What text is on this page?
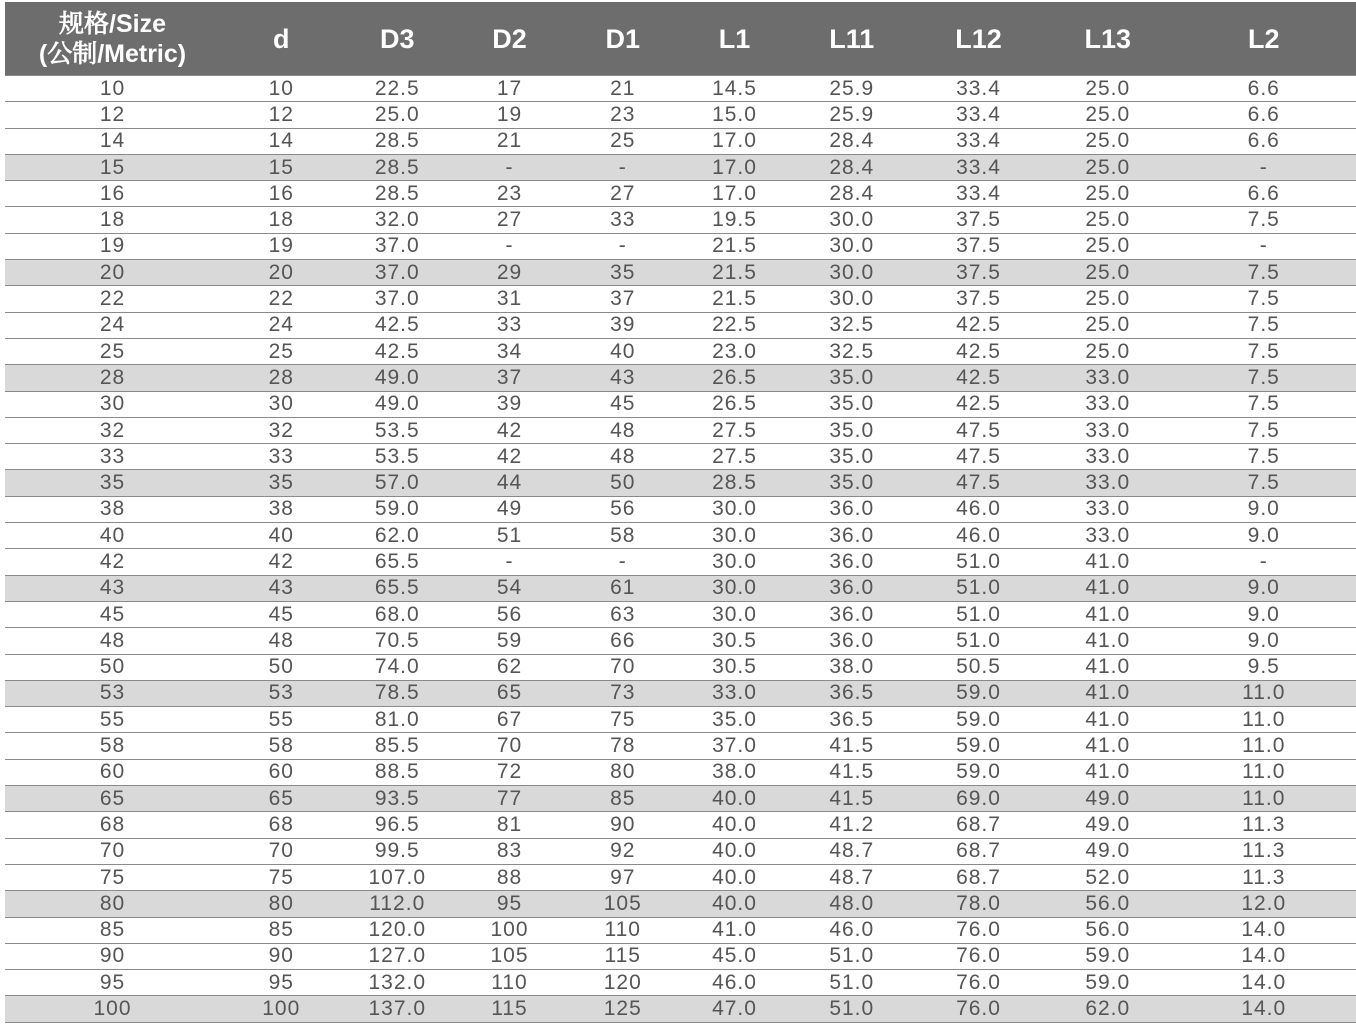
规格/Size
(公制/Metric)	d	D3	D2	D1	L1	L11	L12	L13	L2
10	10	22.5	17	21	14.5	25.9	33.4	25.0	6.6
12	12	25.0	19	23	15.0	25.9	33.4	25.0	6.6
14	14	28.5	21	25	17.0	28.4	33.4	25.0	6.6
15	15	28.5	-	-	17.0	28.4	33.4	25.0	-
16	16	28.5	23	27	17.0	28.4	33.4	25.0	6.6
18	18	32.0	27	33	19.5	30.0	37.5	25.0	7.5
19	19	37.0	-	-	21.5	30.0	37.5	25.0	-
20	20	37.0	29	35	21.5	30.0	37.5	25.0	7.5
22	22	37.0	31	37	21.5	30.0	37.5	25.0	7.5
24	24	42.5	33	39	22.5	32.5	42.5	25.0	7.5
25	25	42.5	34	40	23.0	32.5	42.5	25.0	7.5
28	28	49.0	37	43	26.5	35.0	42.5	33.0	7.5
30	30	49.0	39	45	26.5	35.0	42.5	33.0	7.5
32	32	53.5	42	48	27.5	35.0	47.5	33.0	7.5
33	33	53.5	42	48	27.5	35.0	47.5	33.0	7.5
35	35	57.0	44	50	28.5	35.0	47.5	33.0	7.5
38	38	59.0	49	56	30.0	36.0	46.0	33.0	9.0
40	40	62.0	51	58	30.0	36.0	46.0	33.0	9.0
42	42	65.5	-	-	30.0	36.0	51.0	41.0	-
43	43	65.5	54	61	30.0	36.0	51.0	41.0	9.0
45	45	68.0	56	63	30.0	36.0	51.0	41.0	9.0
48	48	70.5	59	66	30.5	36.0	51.0	41.0	9.0
50	50	74.0	62	70	30.5	38.0	50.5	41.0	9.5
53	53	78.5	65	73	33.0	36.5	59.0	41.0	11.0
55	55	81.0	67	75	35.0	36.5	59.0	41.0	11.0
58	58	85.5	70	78	37.0	41.5	59.0	41.0	11.0
60	60	88.5	72	80	38.0	41.5	59.0	41.0	11.0
65	65	93.5	77	85	40.0	41.5	69.0	49.0	11.0
68	68	96.5	81	90	40.0	41.2	68.7	49.0	11.3
70	70	99.5	83	92	40.0	48.7	68.7	49.0	11.3
75	75	107.0	88	97	40.0	48.7	68.7	52.0	11.3
80	80	112.0	95	105	40.0	48.0	78.0	56.0	12.0
85	85	120.0	100	110	41.0	46.0	76.0	56.0	14.0
90	90	127.0	105	115	45.0	51.0	76.0	59.0	14.0
95	95	132.0	110	120	46.0	51.0	76.0	59.0	14.0
100	100	137.0	115	125	47.0	51.0	76.0	62.0	14.0
